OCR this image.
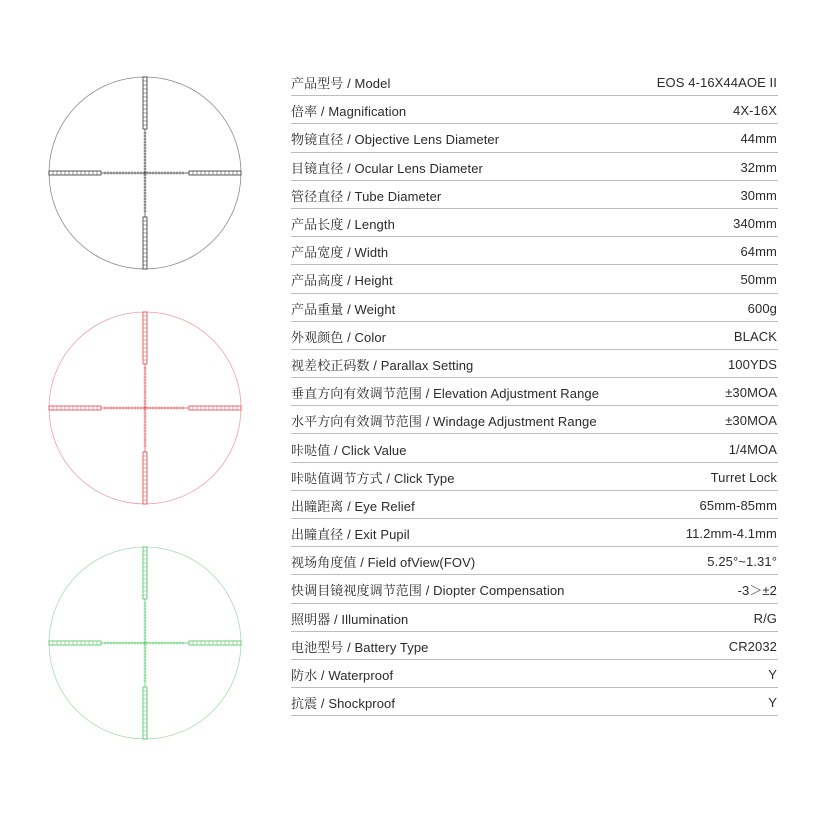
产品型号 / Model	EOS 4-16X44AOE II
倍率 / Magnification	4X-16X
物镜直径 / Objective Lens Diameter	44mm
目镜直径 / Ocular Lens Diameter	32mm
管径直径 / Tube Diameter	30mm
产品长度 / Length	340mm
产品宽度 / Width	64mm
产品高度 / Height	50mm
产品重量 / Weight	600g
外观颜色 / Color	BLACK
视差校正码数 / Parallax Setting	100YDS
垂直方向有效调节范围 / Elevation Adjustment Range	±30MOA
水平方向有效调节范围 / Windage Adjustment Range	±30MOA
咔哒值 / Click Value	1/4MOA
咔哒值调节方式 / Click Type	Turret Lock
出瞳距离 / Eye Relief	65mm-85mm
出瞳直径 / Exit Pupil	11.2mm-4.1mm
视场角度值 / Field ofView(FOV)	5.25°~1.31°
快调目镜视度调节范围 / Diopter Compensation	-3＞±2
照明器 / Illumination	R/G
电池型号 / Battery Type	CR2032
防水 / Waterproof	Y
抗震 / Shockproof	Y
